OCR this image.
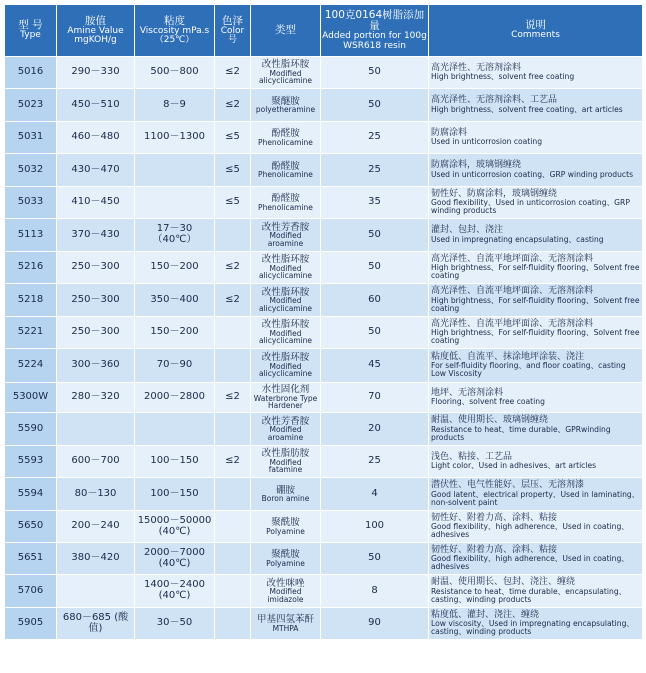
型 号
Type	胺值
Amine Value mgKOH/g	粘度
Viscosity mPa.s（25℃）	色泽
Color 号	类型	100克0164树脂添加量
Added portion for 100g WSR618 resin	说明
Comments

5016	290－330	500－800	≤2	改性脂环胺
Modified alicyclicamine	50	高光泽性、无溶剂涂料
High brightness、solvent free coating

5023	450－510	8－9	≤2	聚醚胺
polyetheramine	50	高光泽性、无溶剂涂料、工艺品
High brightness、solvent free coating、art articles

5031	460－480	1100－1300	≤5	酚醛胺
Phenolicamine	25	防腐涂料
Used in unticorrosion coating

5032	430－470		≤5	酚醛胺
Phenolicamine	25	防腐涂料，玻璃钢缠绕
Used in unticorrosion coating、GRP winding products

5033	410－450		≤5	酚醛胺
Phenolicamine	35	韧性好、防腐涂料，玻璃钢缠绕
Good flexibility、Used in unticorrosion coating、GRP winding products

5113	370－430	17－30 （40℃）		改性芳香胺
Modified aroamine	50	灌封、包封、浇注
Used in impregnating encapsulating、casting

5216	250－300	150－200	≤2	改性脂环胺
Modified alicyclicamine	50	高光泽性、自流平地坪面涂、无溶剂涂料
High brightness、For self-fluidity flooring、Solvent free coating

5218	250－300	350－400	≤2	改性脂环胺
Modified alicyclicamine	60	高光泽性、自流平地坪面涂、无溶剂涂料
High brightness、For self-fluidity flooring、Solvent free coating

5221	250－300	150－200		改性脂环胺
Modified alicyclicamine	50	高光泽性、自流平地坪面涂、无溶剂涂料
High brightness、For self-fluidity flooring、Solvent free coating

5224	300－360	70－90		改性脂环胺
Modified alicyclicamine	45	粘度低、自流平、抹涂地坪涂装、浇注
For self-fluidity flooring、and floor coating、casting Low Viscosity

5300W	280－320	2000－2800	≤2	水性固化剂
Waterbrone Type Hardener	70	地坪、无溶剂涂料
Flooring、solvent free coating

5590				改性芳香胺
Modified aroamine	20	耐温、使用期长、玻璃钢缠绕
Resistance to heat、time durable、GPRwinding products

5593	600－700	100－150	≤2	改性脂肪胺
Modified fatamine	25	浅色、粘接、工艺品
Light color、Used in adhesives、art articles

5594	80－130	100－150		硼胺
Boron amine	4	潜伏性、电气性能好、层压、无溶剂漆
Good latent、electrical property、Used in laminating、non-solvent paint

5650	200－240	15000－50000 (40℃)		聚酰胺
Polyamine	100	韧性好、附着力高、涂料、粘接
Good flexibility、high adherence、Used in coating、adhesives

5651	380－420	2000－7000 (40℃)		聚酰胺
Polyamine	50	韧性好、附着力高、涂料、粘接
Good flexibility、high adherence、Used in coating、adhesives

5706		1400－2400 (40℃)		改性咪唑
Modified imidazole	8	耐温、使用期长、包封、浇注、缠绕
Resistance to heat、time durable、encapsulating、casting、winding products

5905	680－685 (酸值)	30－50		甲基四氢苯酐
MTHPA	90	粘度低、灌封、浇注、缠绕
Low viscosity、Used in impregnating encapsulating、casting、winding products
